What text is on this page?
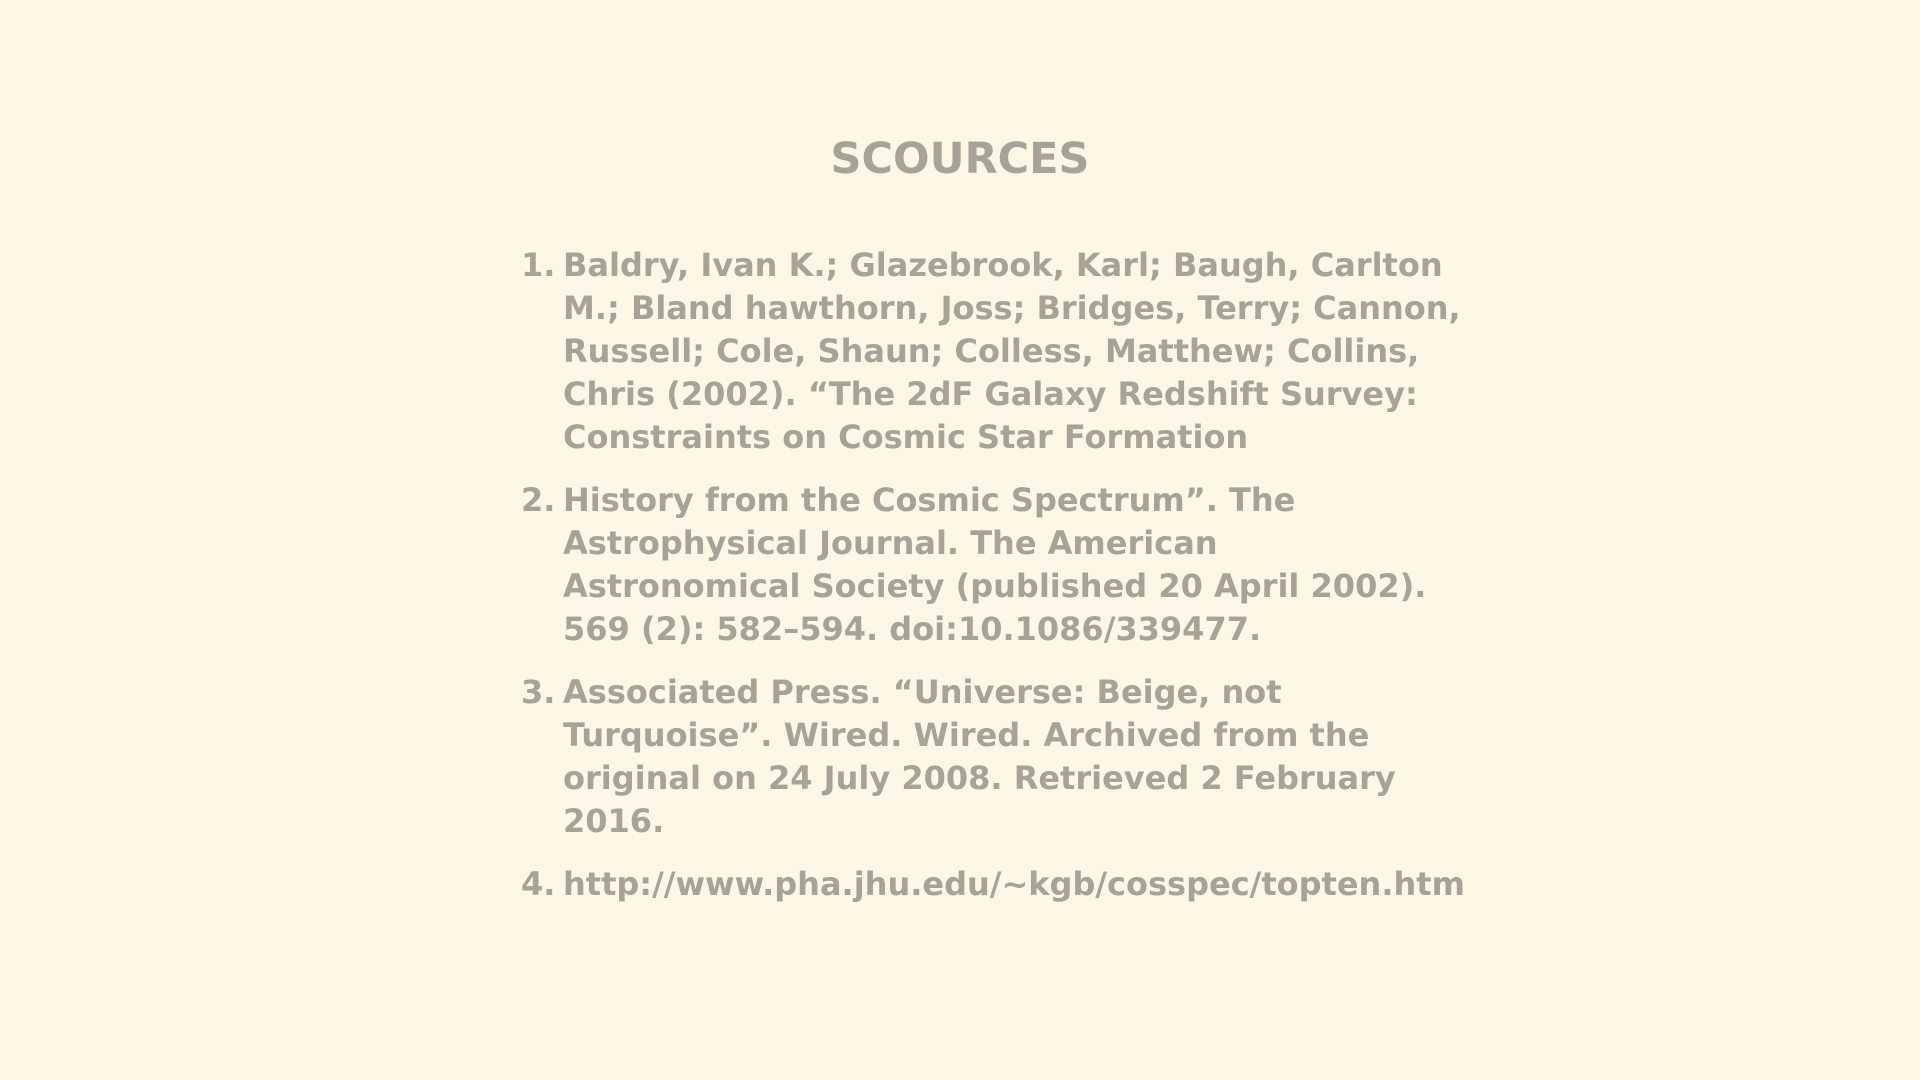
SCOURCES
1. Baldry, Ivan K.; Glazebrook, Karl; Baugh, Carlton M.; Bland hawthorn, Joss; Bridges, Terry; Cannon, Russell; Cole, Shaun; Colless, Matthew; Collins, Chris (2002). “The 2dF Galaxy Redshift Survey: Constraints on Cosmic Star Formation
2. History from the Cosmic Spectrum”. The Astrophysical Journal. The American Astronomical Society (published 20 April 2002). 569 (2): 582–594. doi:10.1086/339477.
3. Associated Press. “Universe: Beige, not Turquoise”. Wired. Wired. Archived from the original on 24 July 2008. Retrieved 2 February 2016.
4. http://www.pha.jhu.edu/~kgb/cosspec/topten.htm
